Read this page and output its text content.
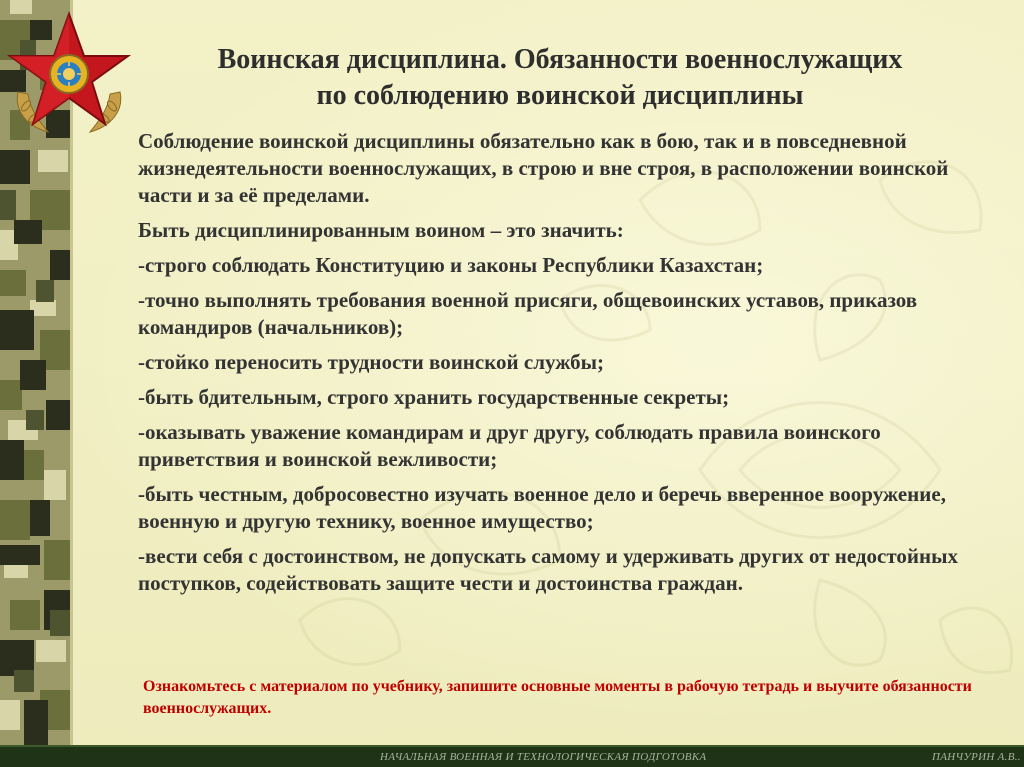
Воинская дисциплина. Обязанности военнослужащих
по соблюдению воинской дисциплины

Соблюдение воинской дисциплины обязательно как в бою, так и в повседневной жизнедеятельности военнослужащих, в строю и вне строя, в расположении воинской части и за её пределами.

Быть дисциплинированным воином – это значить:

-строго соблюдать Конституцию и законы Республики Казахстан;

-точно выполнять требования военной присяги, общевоинских уставов, приказов командиров (начальников);

-стойко переносить трудности воинской службы;

-быть бдительным, строго хранить государственные секреты;

-оказывать уважение командирам и друг другу, соблюдать правила воинского приветствия и воинской вежливости;

-быть честным, добросовестно изучать военное дело и беречь вверенное вооружение, военную и другую технику, военное имущество;

-вести себя с достоинством, не допускать самому и удерживать других от недостойных поступков, содействовать защите чести и достоинства граждан.

Ознакомьтесь с материалом по учебнику, запишите основные моменты в рабочую тетрадь и выучите обязанности военнослужащих.

НАЧАЛЬНАЯ ВОЕННАЯ И ТЕХНОЛОГИЧЕСКАЯ ПОДГОТОВКА	ПАНЧУРИН А.В..
